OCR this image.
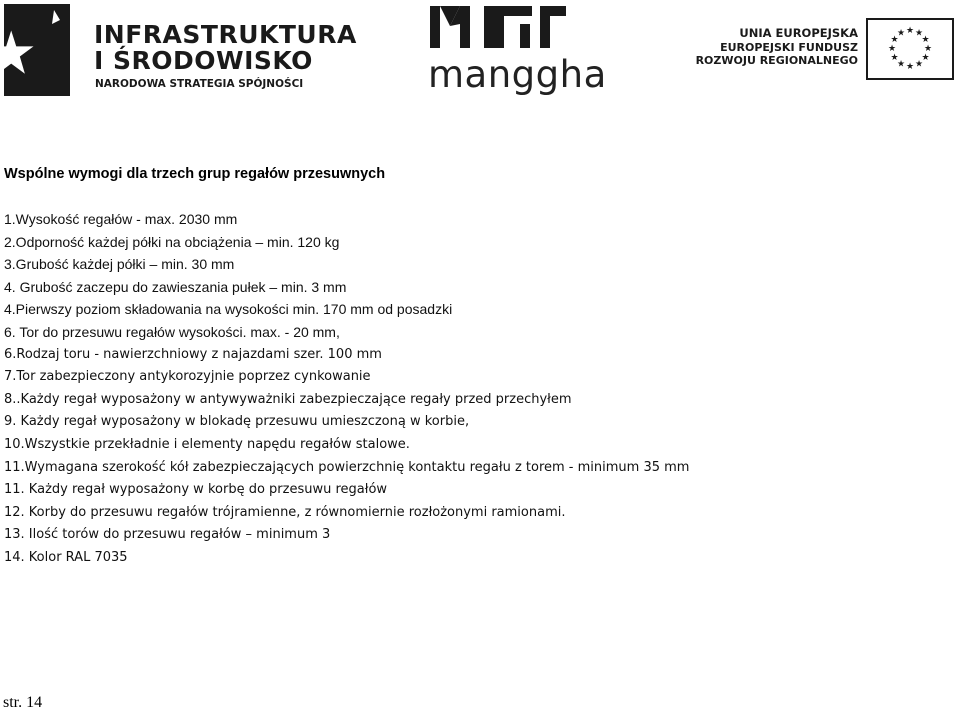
INFRASTRUKTURA
I ŚRODOWISKO
NARODOWA STRATEGIA SPÓJNOŚCI	manggha
UNIA EUROPEJSKA
EUROPEJSKI FUNDUSZ
ROZWOJU REGIONALNEGO
★ ★
★
★
★
★
★
★
★
★
★
★
Wspólne wymogi dla trzech grup regałów przesuwnych
1.Wysokość regałów - max. 2030 mm
2.Odporność każdej półki na obciążenia – min. 120 kg
3.Grubość każdej półki – min. 30 mm
4. Grubość zaczepu do zawieszania pułek – min. 3 mm
4.Pierwszy poziom składowania na wysokości min. 170 mm od posadzki
6. Tor do przesuwu regałów wysokości. max. - 20 mm,
6.Rodzaj toru - nawierzchniowy z najazdami szer. 100 mm
7.Tor zabezpieczony antykorozyjnie poprzez cynkowanie
8..Każdy regał wyposażony w antywyważniki zabezpieczające regały przed przechyłem
9. Każdy regał wyposażony w blokadę przesuwu umieszczoną w korbie,
10.Wszystkie przekładnie i elementy napędu regałów stalowe.
11.Wymagana szerokość kół zabezpieczających powierzchnię kontaktu regału z torem - minimum 35 mm
11. Każdy regał wyposażony w korbę do przesuwu regałów
12. Korby do przesuwu regałów trójramienne, z równomiernie rozłożonymi ramionami.
13. Ilość torów do przesuwu regałów – minimum 3
14. Kolor RAL 7035
str. 14
